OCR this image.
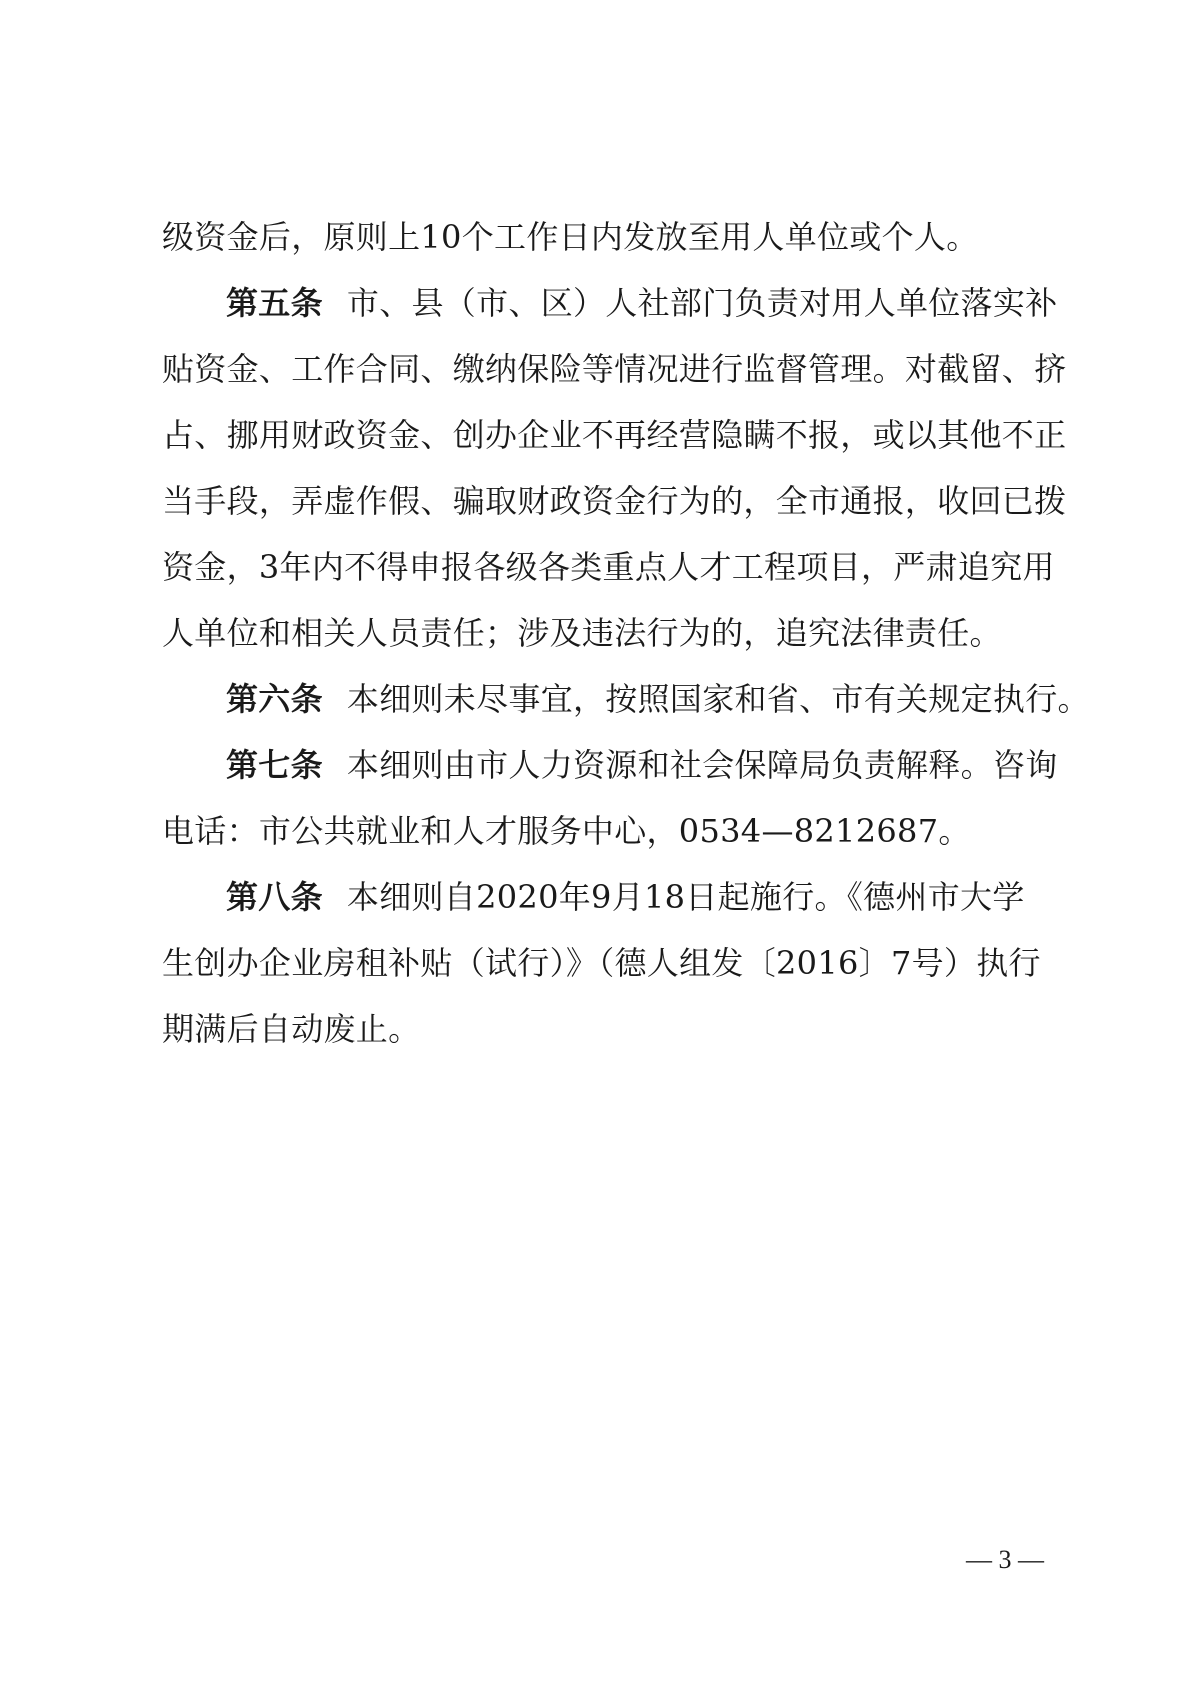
级资金后，原则上10个工作日内发放至用人单位或个人。
第五条 市、县（市、区）人社部门负责对用人单位落实补
贴资金、工作合同、缴纳保险等情况进行监督管理。对截留、挤
占、挪用财政资金、创办企业不再经营隐瞒不报，或以其他不正
当手段，弄虚作假、骗取财政资金行为的，全市通报，收回已拨
资金，3年内不得申报各级各类重点人才工程项目，严肃追究用
人单位和相关人员责任；涉及违法行为的，追究法律责任。
第六条 本细则未尽事宜，按照国家和省、市有关规定执行。
第七条 本细则由市人力资源和社会保障局负责解释。咨询
电话：市公共就业和人才服务中心，0534—8212687。
第八条 本细则自2020年9月18日起施行。《德州市大学
生创办企业房租补贴（试行）》（德人组发〔2016〕7号）执行
期满后自动废止。
— 3 —
